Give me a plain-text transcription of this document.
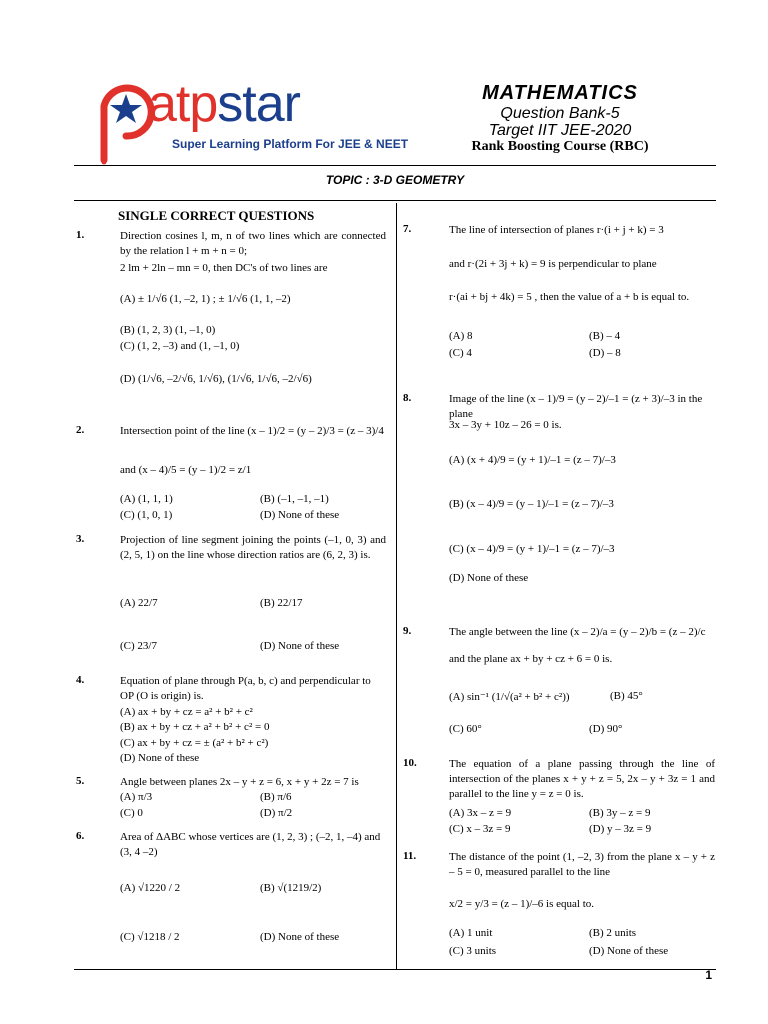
atpstar
Super Learning Platform For JEE & NEET
MATHEMATICS
Question Bank-5
Target IIT JEE-2020
Rank Boosting Course (RBC)
TOPIC : 3-D GEOMETRY
SINGLE CORRECT QUESTIONS
1.	Direction cosines l, m, n of two lines which are connected by the relation l + m + n = 0;
2 lm + 2ln – mn = 0, then DC's of two lines are
(A) ± 1/√6 (1, –2, 1) ; ± 1/√6 (1, 1, –2)
(B) (1, 2, 3) (1, –1, 0)
(C) (1, 2, –3) and (1, –1, 0)
(D) (1/√6, –2/√6, 1/√6), (1/√6, 1/√6, –2/√6)
2.	Intersection point of the line (x – 1)/2 = (y – 2)/3 = (z – 3)/4
and (x – 4)/5 = (y – 1)/2 = z/1
(A) (1, 1, 1)	(B) (–1, –1, –1)
(C) (1, 0, 1)	(D) None of these
3.	Projection of line segment joining the points (–1, 0, 3) and (2, 5, 1) on the line whose direction ratios are (6, 2, 3) is.
(A) 22/7	(B) 22/17
(C) 23/7	(D) None of these
4.	Equation of plane through P(a, b, c) and perpendicular to OP (O is origin) is.
(A) ax + by + cz = a² + b² + c²
(B) ax + by + cz + a² + b² + c² = 0
(C) ax + by + cz = ± (a² + b² + c²)
(D) None of these
5.	Angle between planes 2x – y + z = 6, x + y + 2z = 7 is
(A) π/3	(B) π/6
(C) 0	(D) π/2
6.	Area of ΔABC whose vertices are (1, 2, 3) ; (–2, 1, –4) and (3, 4 –2)
(A) √1220 / 2	(B) √(1219/2)
(C) √1218 / 2	(D) None of these
7.	The line of intersection of planes r·(i + j + k) = 3
and r·(2i + 3j + k) = 9 is perpendicular to plane
r·(ai + bj + 4k) = 5 , then the value of a + b is equal to.
(A) 8	(B) – 4
(C) 4	(D) – 8
8.	Image of the line (x – 1)/9 = (y – 2)/–1 = (z + 3)/–3 in the plane
3x – 3y + 10z – 26 = 0 is.
(A) (x + 4)/9 = (y + 1)/–1 = (z – 7)/–3
(B) (x – 4)/9 = (y – 1)/–1 = (z – 7)/–3
(C) (x – 4)/9 = (y + 1)/–1 = (z – 7)/–3
(D) None of these
9.	The angle between the line (x – 2)/a = (y – 2)/b = (z – 2)/c
and the plane ax + by + cz + 6 = 0 is.
(A) sin⁻¹ (1/√(a² + b² + c²))	(B) 45°
(C) 60°	(D) 90°
10.	The equation of a plane passing through the line of intersection of the planes x + y + z = 5, 2x – y + 3z = 1 and parallel to the line y = z = 0 is.
(A) 3x – z = 9	(B) 3y – z = 9
(C) x – 3z = 9	(D) y – 3z = 9
11.	The distance of the point (1, –2, 3) from the plane x – y + z – 5 = 0, measured parallel to the line
x/2 = y/3 = (z – 1)/–6 is equal to.
(A) 1 unit	(B) 2 units
(C) 3 units	(D) None of these
1
